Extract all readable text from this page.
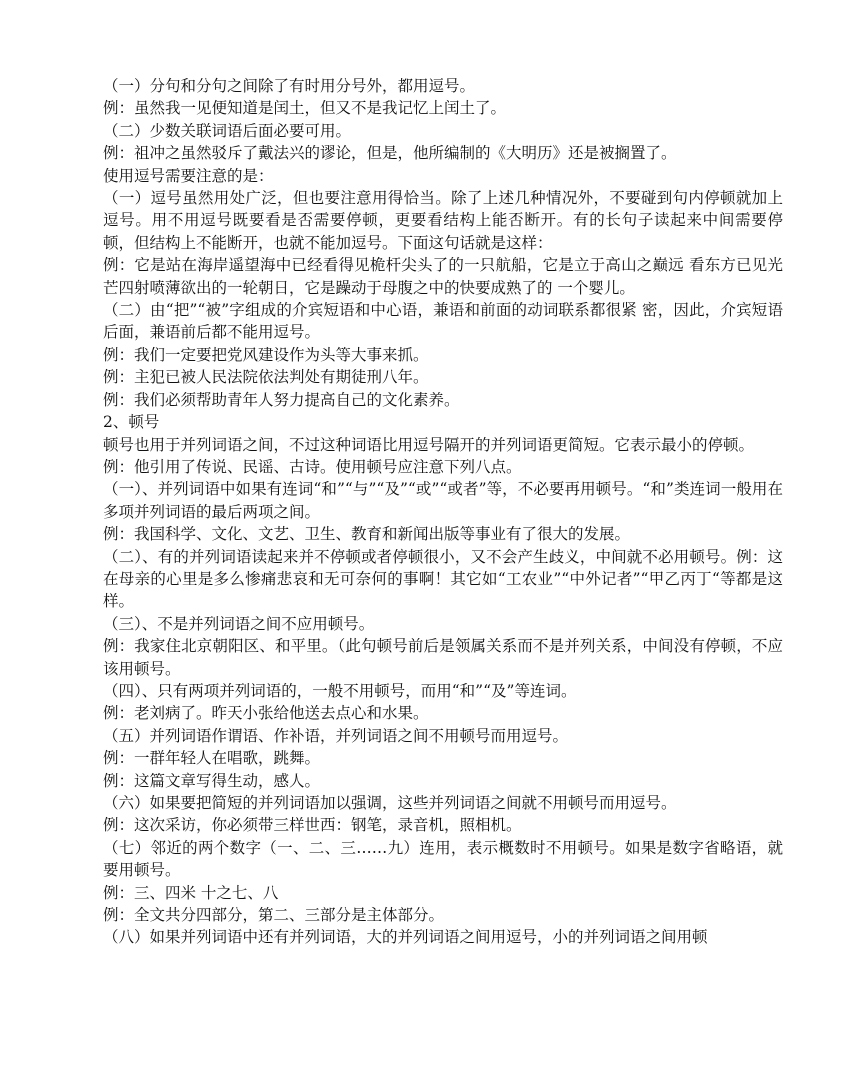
（一）分句和分句之间除了有时用分号外，都用逗号。

例：虽然我一见便知道是闰土，但又不是我记忆上闰土了。

（二）少数关联词语后面必要可用。

例：祖冲之虽然驳斥了戴法兴的谬论，但是，他所编制的《大明历》还是被搁置了。

使用逗号需要注意的是：

（一）逗号虽然用处广泛，但也要注意用得恰当。除了上述几种情况外，不要碰到句内停顿就加上逗号。用不用逗号既要看是否需要停顿，更要看结构上能否断开。有的长句子读起来中间需要停顿，但结构上不能断开，也就不能加逗号。下面这句话就是这样：

例：它是站在海岸遥望海中已经看得见桅杆尖头了的一只航船，它是立于高山之巅远 看东方已见光芒四射喷薄欲出的一轮朝日，它是躁动于母腹之中的快要成熟了的 一个婴儿。

（二）由“把”“被”字组成的介宾短语和中心语，兼语和前面的动词联系都很紧 密，因此，介宾短语后面，兼语前后都不能用逗号。

例：我们一定要把党风建设作为头等大事来抓。

例：主犯已被人民法院依法判处有期徒刑八年。

例：我们必须帮助青年人努力提高自己的文化素养。

2、顿号

顿号也用于并列词语之间，不过这种词语比用逗号隔开的并列词语更简短。它表示最小的停顿。

例：他引用了传说、民谣、古诗。使用顿号应注意下列八点。

（一）、并列词语中如果有连词“和”“与”“及”“或”“或者”等，不必要再用顿号。“和”类连词一般用在多项并列词语的最后两项之间。

例：我国科学、文化、文艺、卫生、教育和新闻出版等事业有了很大的发展。

（二）、有的并列词语读起来并不停顿或者停顿很小，又不会产生歧义，中间就不必用顿号。例：这在母亲的心里是多么惨痛悲哀和无可奈何的事啊！其它如“工农业”“中外记者”“甲乙丙丁“等都是这样。

（三）、不是并列词语之间不应用顿号。

例：我家住北京朝阳区、和平里。（此句顿号前后是领属关系而不是并列关系，中间没有停顿，不应该用顿号。

（四）、只有两项并列词语的，一般不用顿号，而用“和”“及”等连词。

例：老刘病了。昨天小张给他送去点心和水果。

（五）并列词语作谓语、作补语，并列词语之间不用顿号而用逗号。

例：一群年轻人在唱歌，跳舞。

例：这篇文章写得生动，感人。

（六）如果要把简短的并列词语加以强调，这些并列词语之间就不用顿号而用逗号。

例：这次采访，你必须带三样世西：钢笔，录音机，照相机。

（七）邻近的两个数字（一、二、三……九）连用，表示概数时不用顿号。如果是数字省略语，就要用顿号。

例：三、四米 十之七、八

例：全文共分四部分，第二、三部分是主体部分。

（八）如果并列词语中还有并列词语，大的并列词语之间用逗号，小的并列词语之间用顿
